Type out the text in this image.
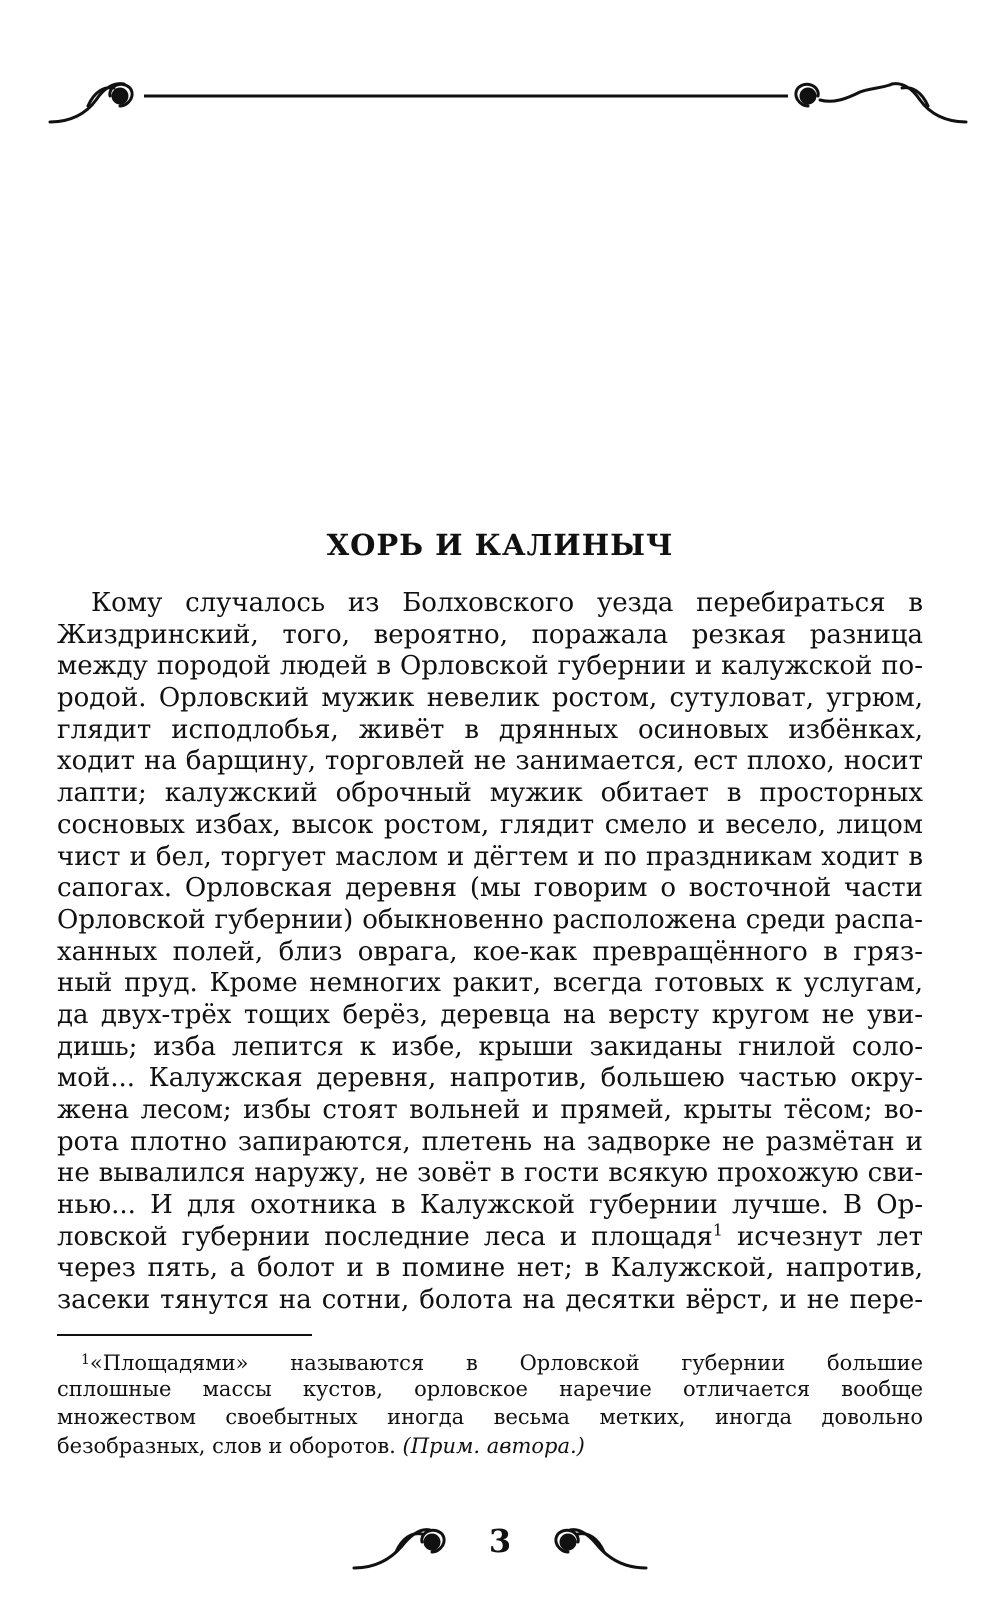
ХОРЬ И КАЛИНЫЧ
Кому случалось из Болховского уезда перебираться в
Жиздринский, того, вероятно, поражала резкая разница
между породой людей в Орловской губернии и калужской по-
родой. Орловский мужик невелик ростом, сутуловат, угрюм,
глядит исподлобья, живёт в дрянных осиновых избёнках,
ходит на барщину, торговлей не занимается, ест плохо, носит
лапти; калужский оброчный мужик обитает в просторных
сосновых избах, высок ростом, глядит смело и весело, лицом
чист и бел, торгует маслом и дёгтем и по праздникам ходит в
сапогах. Орловская деревня (мы говорим о восточной части
Орловской губернии) обыкновенно расположена среди распа-
ханных полей, близ оврага, кое-как превращённого в гряз-
ный пруд. Кроме немногих ракит, всегда готовых к услугам,
да двух-трёх тощих берёз, деревца на версту кругом не уви-
дишь; изба лепится к избе, крыши закиданы гнилой соло-
мой... Калужская деревня, напротив, большею частью окру-
жена лесом; избы стоят вольней и прямей, крыты тёсом; во-
рота плотно запираются, плетень на задворке не размётан и
не вывалился наружу, не зовёт в гости всякую прохожую сви-
нью... И для охотника в Калужской губернии лучше. В Ор-
ловской губернии последние леса и площадя$^1$ исчезнут лет
через пять, а болот и в помине нет; в Калужской, напротив,
засеки тянутся на сотни, болота на десятки вёрст, и не пере-
$^1$«Площадями» называются в Орловской губернии большие
сплошные массы кустов, орловское наречие отличается вообще
множеством своебытных иногда весьма метких, иногда довольно
безобразных, слов и оборотов. (Прим. автора.)
3
